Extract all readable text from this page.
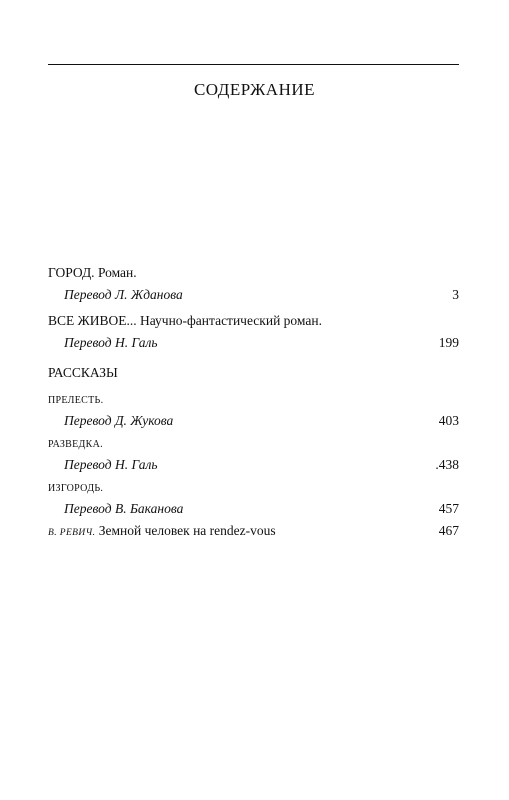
СОДЕРЖАНИЕ
ГОРОД. Роман.
Перевод Л. Жданова	3
ВСЕ ЖИВОЕ... Научно-фантастический роман.
Перевод Н. Галь	199
РАССКАЗЫ
ПРЕЛЕСТЬ.
Перевод Д. Жукова	403
РАЗВЕДКА.
Перевод Н. Галь	.438
ИЗГОРОДЬ.
Перевод В. Баканова	457
В. РЕВИЧ. Земной человек на rendez-vous	467
